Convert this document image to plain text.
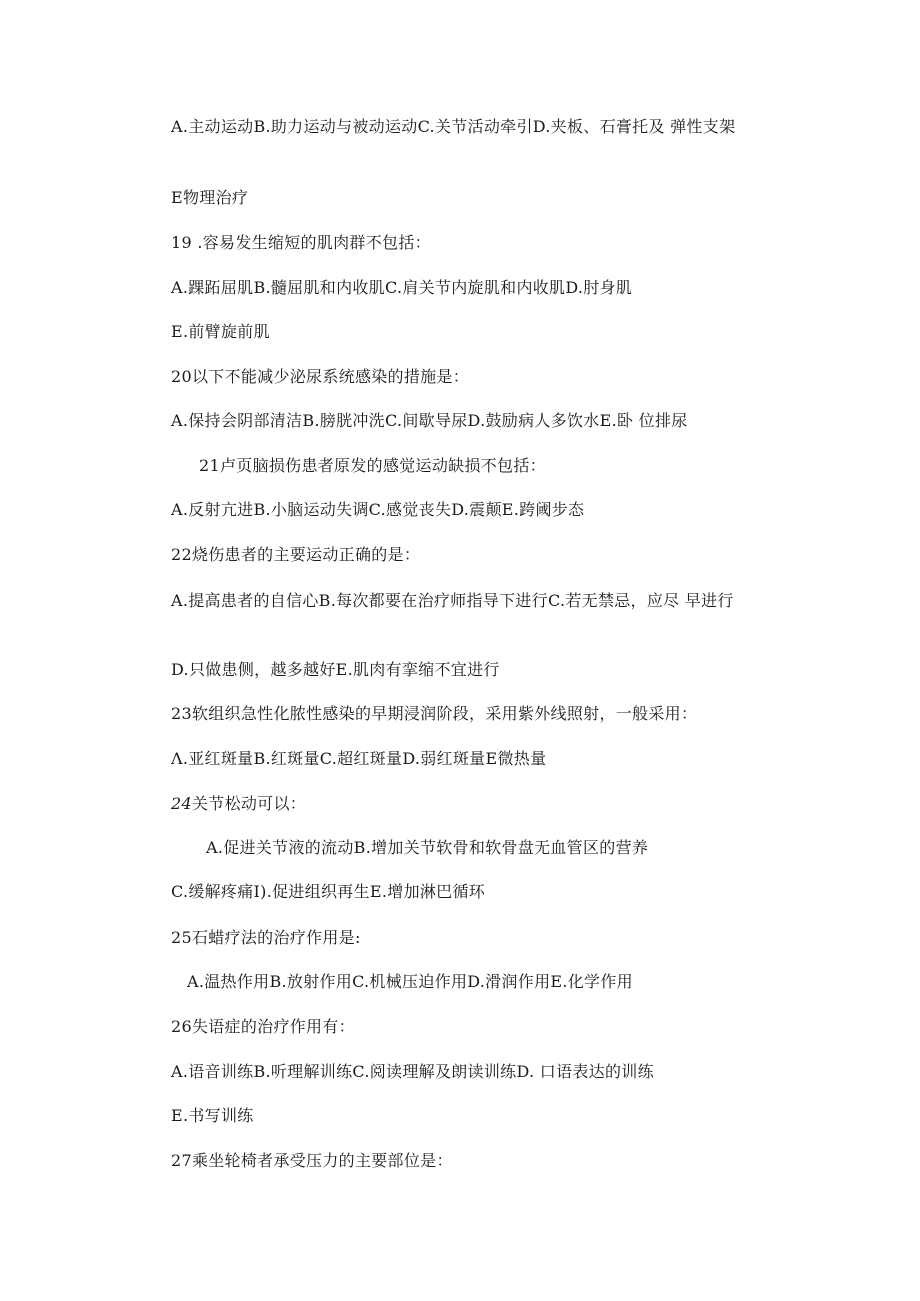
A.主动运动B.助力运动与被动运动C.关节活动牵引D.夹板、石膏托及 弹性支架

E物理治疗

19 .容易发生缩短的肌肉群不包括：

A.踝跖屈肌B.髓屈肌和内收肌C.肩关节内旋肌和内收肌D.肘身肌

E.前臂旋前肌

20以下不能减少泌尿系统感染的措施是：

A.保持会阴部清洁B.膀胱冲洗C.间歇导尿D.鼓励病人多饮水E.卧 位排尿

21卢页脑损伤患者原发的感觉运动缺损不包括：

A.反射亢进B.小脑运动失调C.感觉丧失D.震颠E.跨阈步态

22烧伤患者的主要运动正确的是：

A.提高患者的自信心B.每次都要在治疗师指导下进行C.若无禁忌，应尽 早进行

D.只做患侧，越多越好E.肌肉有挛缩不宜进行

23软组织急性化脓性感染的早期浸润阶段，采用紫外线照射，一般采用：

Λ.亚红斑量B.红斑量C.超红斑量D.弱红斑量E微热量

24关节松动可以：

A.促进关节液的流动B.增加关节软骨和软骨盘无血管区的营养

C.缓解疼痛I).促进组织再生E.增加淋巴循环

25石蜡疗法的治疗作用是:

A.温热作用B.放射作用C.机械压迫作用D.滑润作用E.化学作用

26失语症的治疗作用有：

A.语音训练B.听理解训练C.阅读理解及朗读训练D. 口语表达的训练

E.书写训练

27乘坐轮椅者承受压力的主要部位是：
